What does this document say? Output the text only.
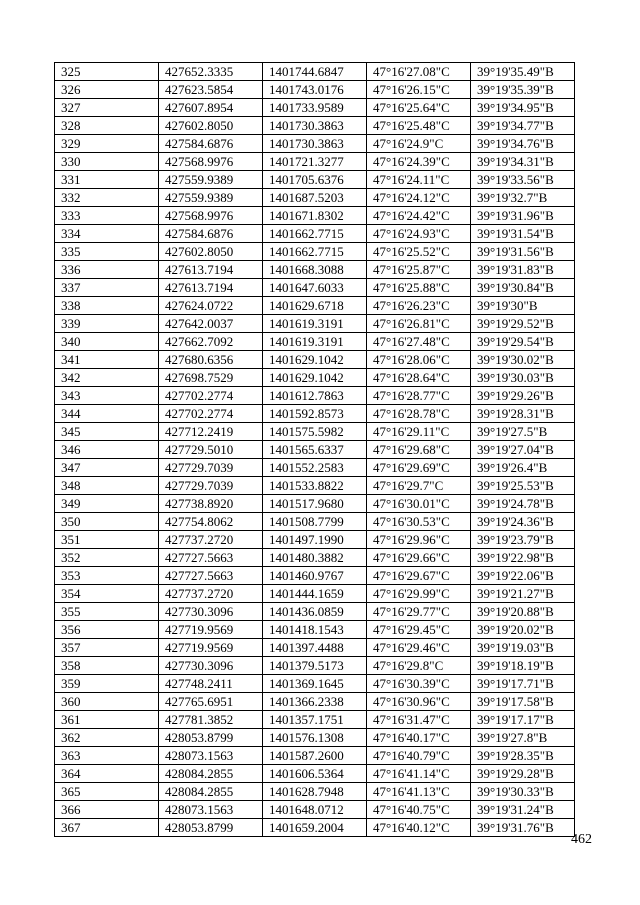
325	427652.3335	1401744.6847	47°16'27.08"С	39°19'35.49"В
326	427623.5854	1401743.0176	47°16'26.15"С	39°19'35.39"В
327	427607.8954	1401733.9589	47°16'25.64"С	39°19'34.95"В
328	427602.8050	1401730.3863	47°16'25.48"С	39°19'34.77"В
329	427584.6876	1401730.3863	47°16'24.9"С	39°19'34.76"В
330	427568.9976	1401721.3277	47°16'24.39"С	39°19'34.31"В
331	427559.9389	1401705.6376	47°16'24.11"С	39°19'33.56"В
332	427559.9389	1401687.5203	47°16'24.12"С	39°19'32.7"В
333	427568.9976	1401671.8302	47°16'24.42"С	39°19'31.96"В
334	427584.6876	1401662.7715	47°16'24.93"С	39°19'31.54"В
335	427602.8050	1401662.7715	47°16'25.52"С	39°19'31.56"В
336	427613.7194	1401668.3088	47°16'25.87"С	39°19'31.83"В
337	427613.7194	1401647.6033	47°16'25.88"С	39°19'30.84"В
338	427624.0722	1401629.6718	47°16'26.23"С	39°19'30"В
339	427642.0037	1401619.3191	47°16'26.81"С	39°19'29.52"В
340	427662.7092	1401619.3191	47°16'27.48"С	39°19'29.54"В
341	427680.6356	1401629.1042	47°16'28.06"С	39°19'30.02"В
342	427698.7529	1401629.1042	47°16'28.64"С	39°19'30.03"В
343	427702.2774	1401612.7863	47°16'28.77"С	39°19'29.26"В
344	427702.2774	1401592.8573	47°16'28.78"С	39°19'28.31"В
345	427712.2419	1401575.5982	47°16'29.11"С	39°19'27.5"В
346	427729.5010	1401565.6337	47°16'29.68"С	39°19'27.04"В
347	427729.7039	1401552.2583	47°16'29.69"С	39°19'26.4"В
348	427729.7039	1401533.8822	47°16'29.7"С	39°19'25.53"В
349	427738.8920	1401517.9680	47°16'30.01"С	39°19'24.78"В
350	427754.8062	1401508.7799	47°16'30.53"С	39°19'24.36"В
351	427737.2720	1401497.1990	47°16'29.96"С	39°19'23.79"В
352	427727.5663	1401480.3882	47°16'29.66"С	39°19'22.98"В
353	427727.5663	1401460.9767	47°16'29.67"С	39°19'22.06"В
354	427737.2720	1401444.1659	47°16'29.99"С	39°19'21.27"В
355	427730.3096	1401436.0859	47°16'29.77"С	39°19'20.88"В
356	427719.9569	1401418.1543	47°16'29.45"С	39°19'20.02"В
357	427719.9569	1401397.4488	47°16'29.46"С	39°19'19.03"В
358	427730.3096	1401379.5173	47°16'29.8"С	39°19'18.19"В
359	427748.2411	1401369.1645	47°16'30.39"С	39°19'17.71"В
360	427765.6951	1401366.2338	47°16'30.96"С	39°19'17.58"В
361	427781.3852	1401357.1751	47°16'31.47"С	39°19'17.17"В
362	428053.8799	1401576.1308	47°16'40.17"С	39°19'27.8"В
363	428073.1563	1401587.2600	47°16'40.79"С	39°19'28.35"В
364	428084.2855	1401606.5364	47°16'41.14"С	39°19'29.28"В
365	428084.2855	1401628.7948	47°16'41.13"С	39°19'30.33"В
366	428073.1563	1401648.0712	47°16'40.75"С	39°19'31.24"В
367	428053.8799	1401659.2004	47°16'40.12"С	39°19'31.76"В
462
